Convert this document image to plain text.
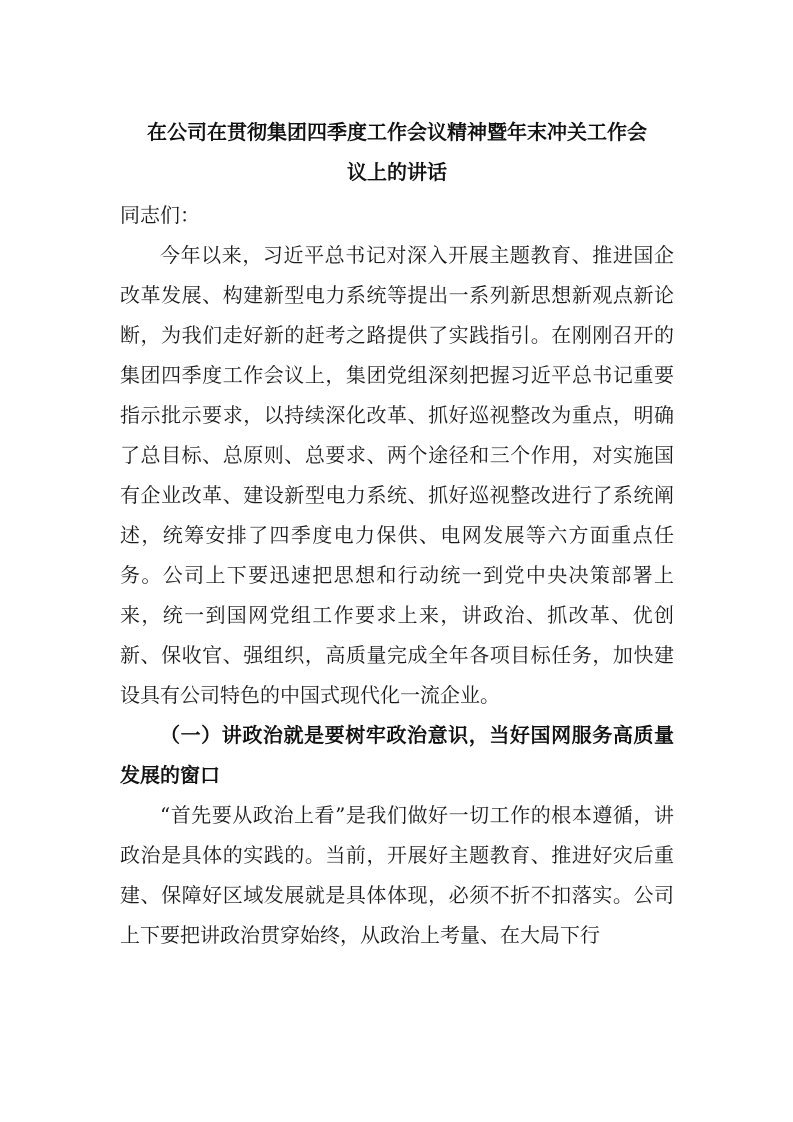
在公司在贯彻集团四季度工作会议精神暨年末冲关工作会
议上的讲话
同志们：

今年以来，习近平总书记对深入开展主题教育、推进国企改革发展、构建新型电力系统等提出一系列新思想新观点新论断，为我们走好新的赶考之路提供了实践指引。在刚刚召开的集团四季度工作会议上，集团党组深刻把握习近平总书记重要指示批示要求，以持续深化改革、抓好巡视整改为重点，明确了总目标、总原则、总要求、两个途径和三个作用，对实施国有企业改革、建设新型电力系统、抓好巡视整改进行了系统阐述，统筹安排了四季度电力保供、电网发展等六方面重点任务。公司上下要迅速把思想和行动统一到党中央决策部署上来，统一到国网党组工作要求上来，讲政治、抓改革、优创新、保收官、强组织，高质量完成全年各项目标任务，加快建设具有公司特色的中国式现代化一流企业。

（一）讲政治就是要树牢政治意识，当好国网服务高质量发展的窗口

“首先要从政治上看”是我们做好一切工作的根本遵循，讲政治是具体的实践的。当前，开展好主题教育、推进好灾后重建、保障好区域发展就是具体体现，必须不折不扣落实。公司上下要把讲政治贯穿始终，从政治上考量、在大局下行
